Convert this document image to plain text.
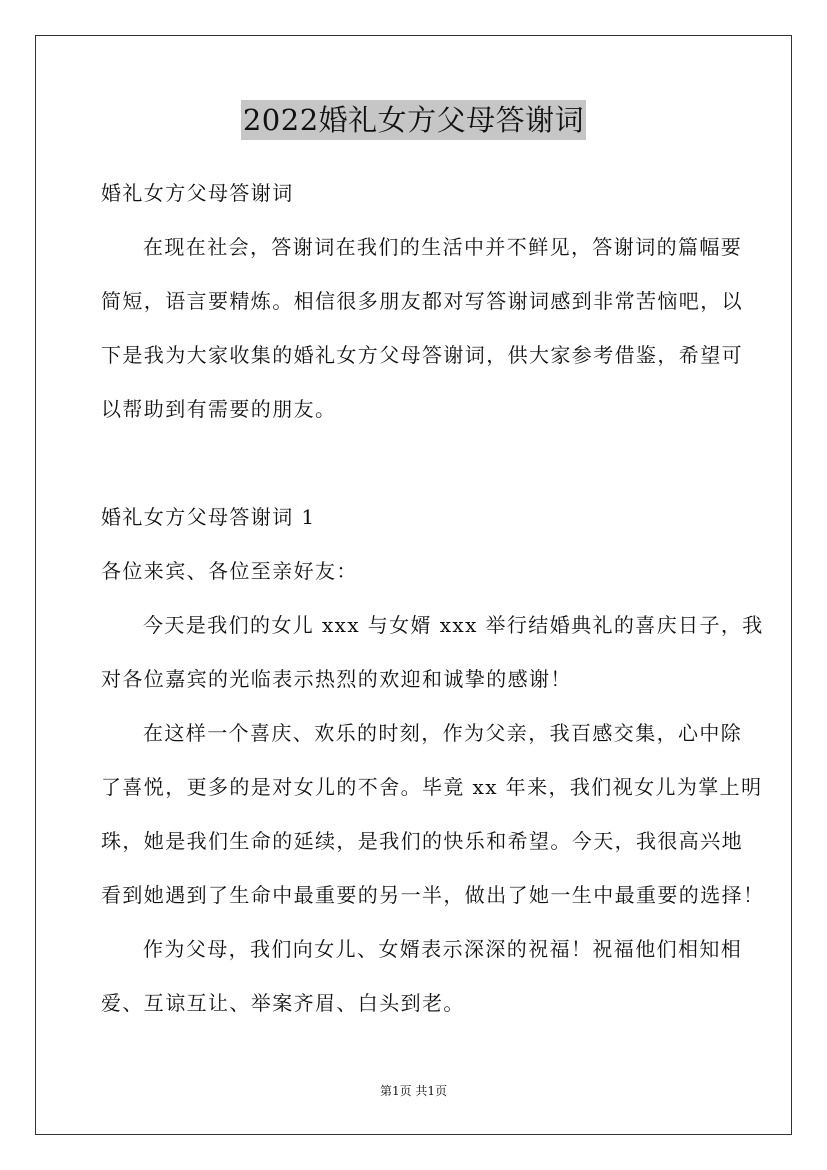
2022婚礼女方父母答谢词

婚礼女方父母答谢词

在现在社会，答谢词在我们的生活中并不鲜见，答谢词的篇幅要

简短，语言要精炼。相信很多朋友都对写答谢词感到非常苦恼吧，以

下是我为大家收集的婚礼女方父母答谢词，供大家参考借鉴，希望可

以帮助到有需要的朋友。

婚礼女方父母答谢词 1

各位来宾、各位至亲好友：

今天是我们的女儿 xxx 与女婿 xxx 举行结婚典礼的喜庆日子，我

对各位嘉宾的光临表示热烈的欢迎和诚挚的感谢！

在这样一个喜庆、欢乐的时刻，作为父亲，我百感交集，心中除

了喜悦，更多的是对女儿的不舍。毕竟 xx 年来，我们视女儿为掌上明

珠，她是我们生命的延续，是我们的快乐和希望。今天，我很高兴地

看到她遇到了生命中最重要的另一半，做出了她一生中最重要的选择！

作为父母，我们向女儿、女婿表示深深的祝福！祝福他们相知相

爱、互谅互让、举案齐眉、白头到老。

第1页 共1页
